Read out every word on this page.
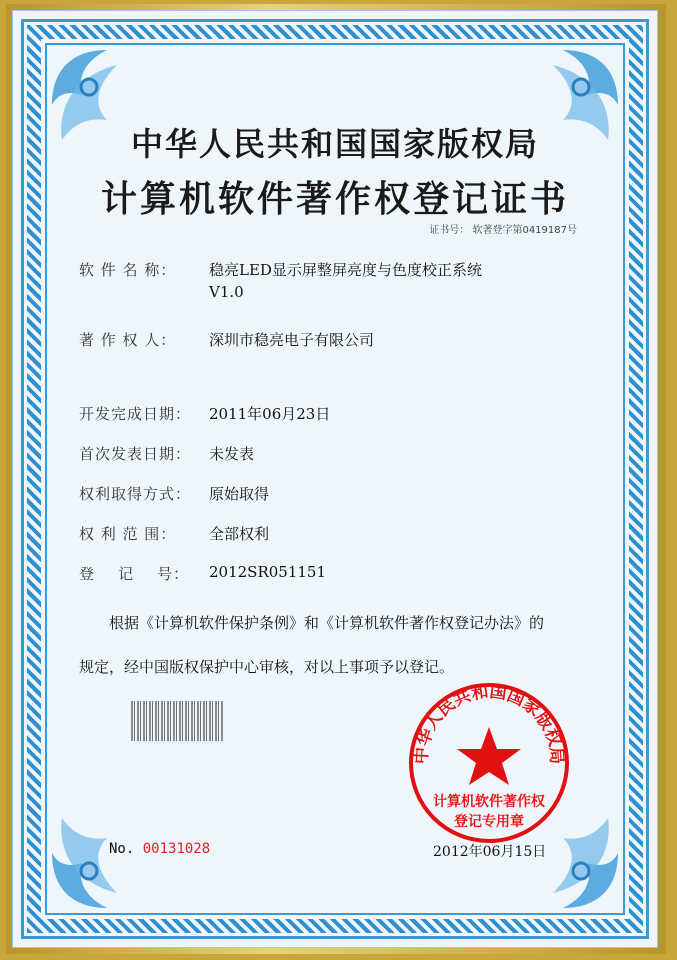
中华人民共和国国家版权局
计算机软件著作权登记证书
证书号： 软著登字第0419187号
软 件 名 称：	稳亮LED显示屏整屏亮度与色度校正系统
V1.0
著 作 权 人：	深圳市稳亮电子有限公司
开发完成日期：	2011年06月23日
首次发表日期：	未发表
权利取得方式：	原始取得
权 利 范 围：	全部权利
登    记    号：	2012SR051151
根据《计算机软件保护条例》和《计算机软件著作权登记办法》的
规定，经中国版权保护中心审核，对以上事项予以登记。
中华人民共和国国家版权局
计算机软件著作权
登记专用章
No. 00131028	2012年06月15日
